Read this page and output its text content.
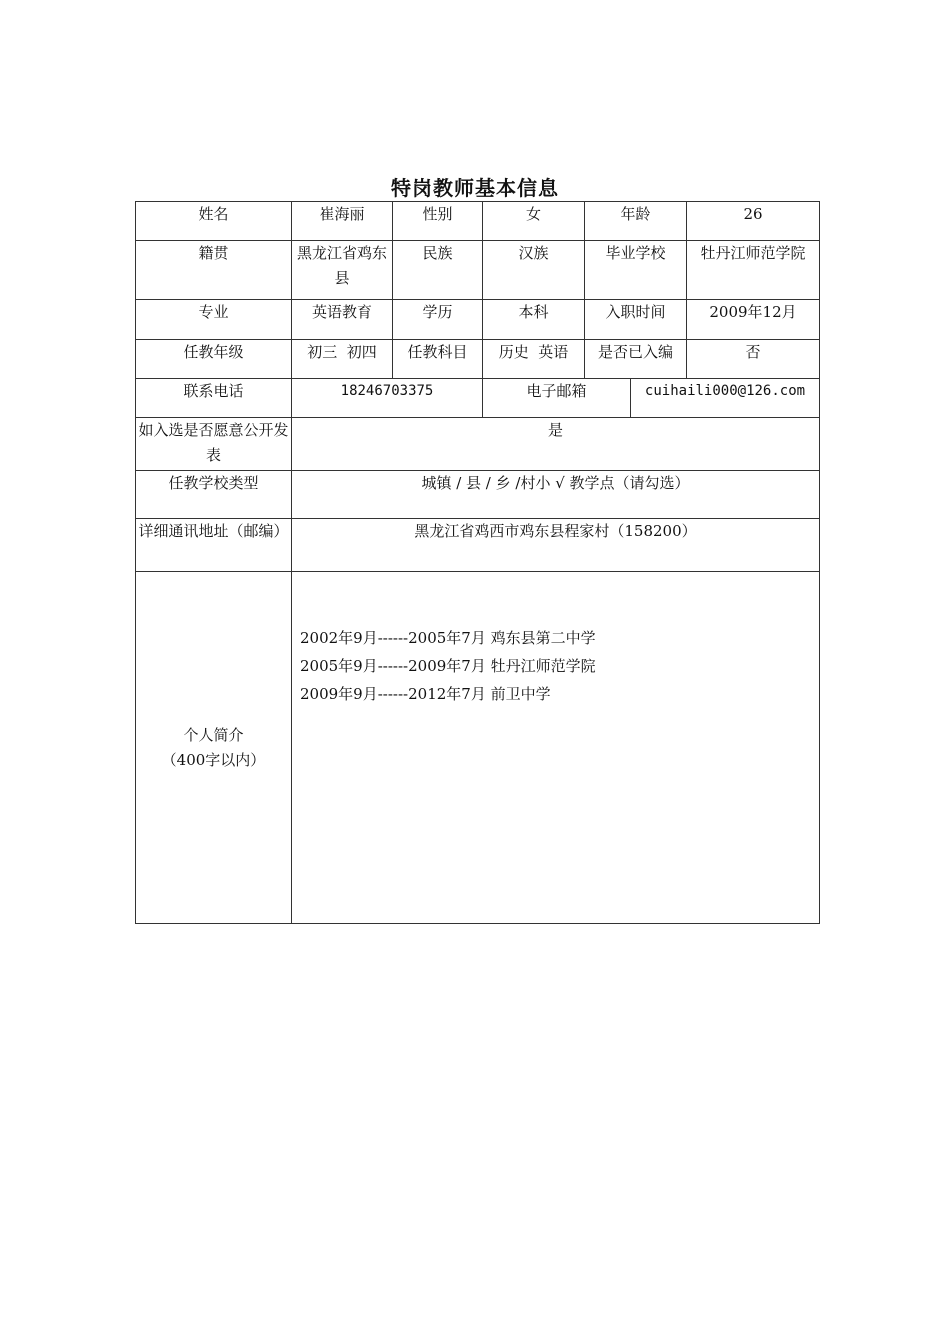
特岗教师基本信息
姓名	崔海丽	性别	女	年龄		26
籍贯	黑龙江省鸡东县	民族	汉族	毕业学校		牡丹江师范学院
专业	英语教育	学历	本科	入职时间		2009年12月
任教年级	初三  初四	任教科目	历史  英语	是否已入编		否
联系电话	18246703375		电子邮箱		cuihaili000@126.com	
如入选是否愿意公开发表	是					
任教学校类型	城镇 / 县 / 乡 /村小 √ 教学点（请勾选）					
详细通讯地址（邮编）	黑龙江省鸡西市鸡东县程家村（158200）					

个人简介
（400字以内）	2002年9月------2005年7月 鸡东县第二中学
2005年9月------2009年7月 牡丹江师范学院
2009年9月------2012年7月 前卫中学					
